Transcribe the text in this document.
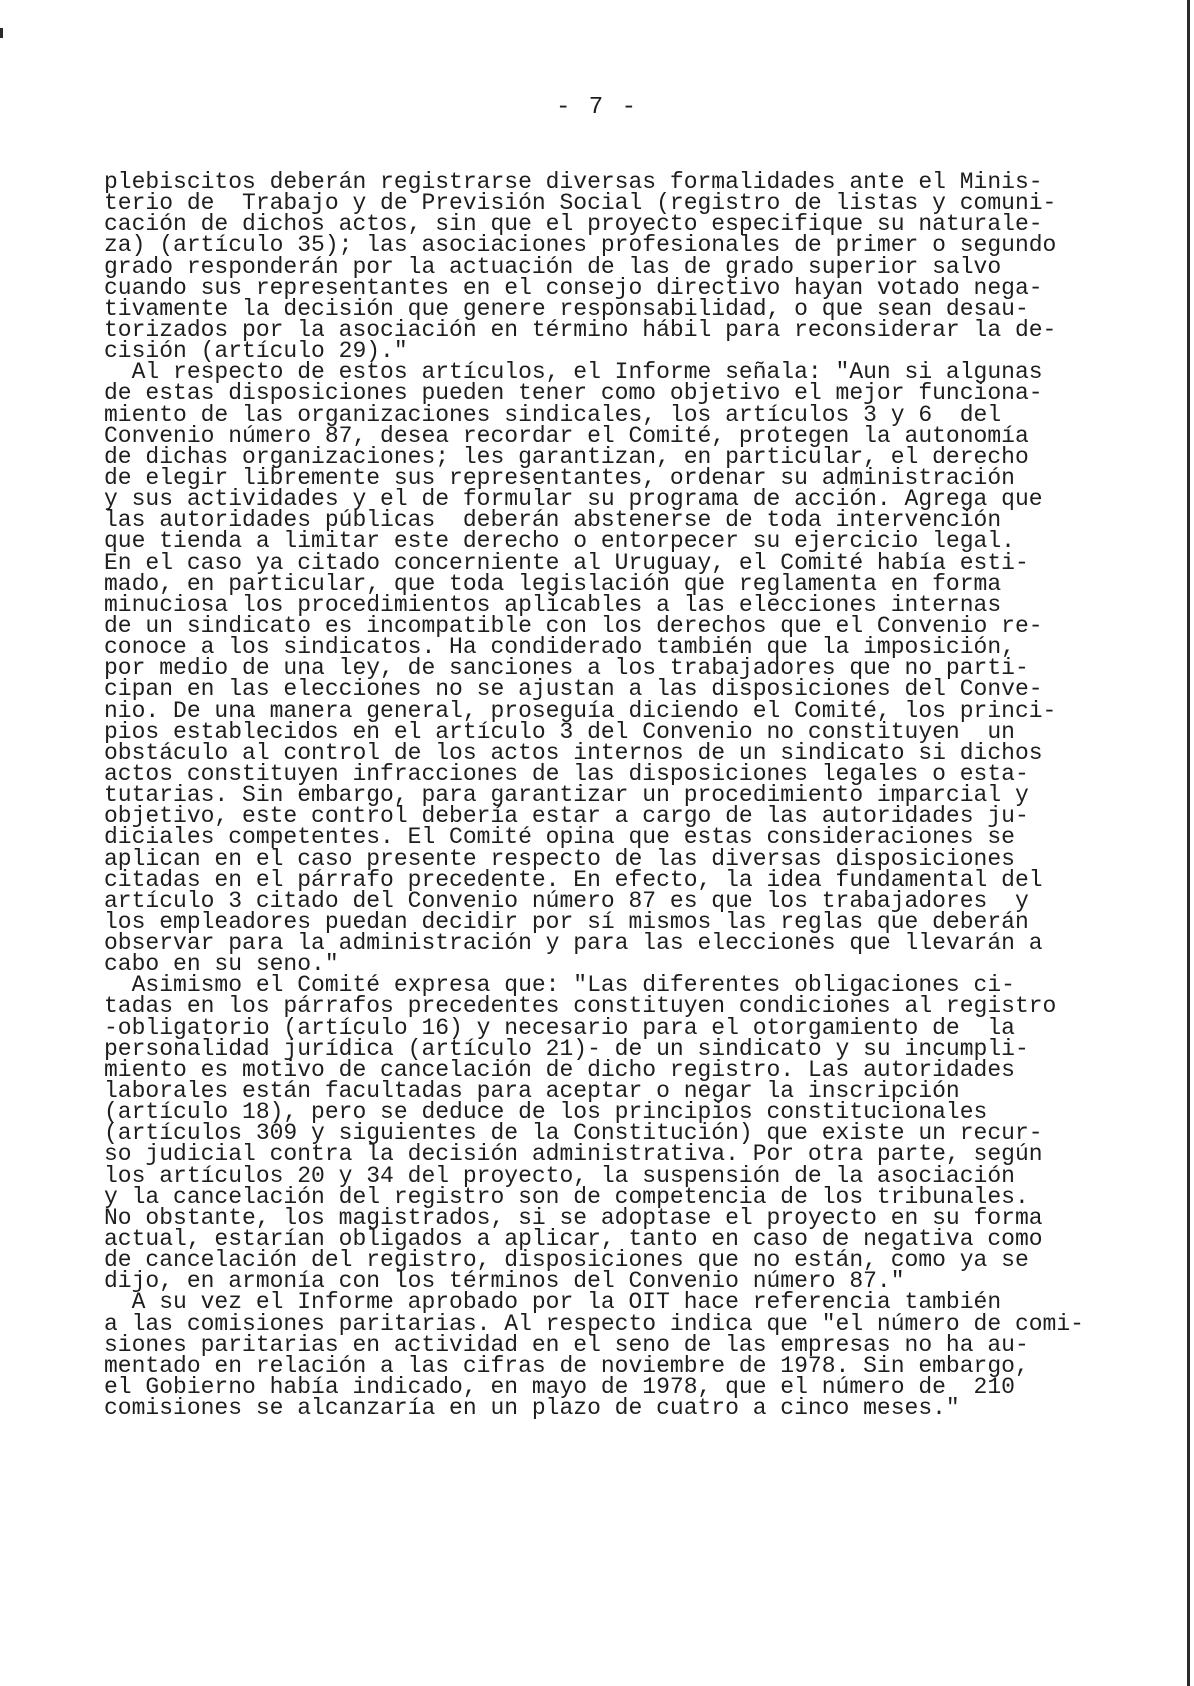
- 7 -
plebiscitos deberán registrarse diversas formalidades ante el Minis-
terio de  Trabajo y de Previsión Social (registro de listas y comuni-
cación de dichos actos, sin que el proyecto especifique su naturale-
za) (artículo 35); las asociaciones profesionales de primer o segundo
grado responderán por la actuación de las de grado superior salvo
cuando sus representantes en el consejo directivo hayan votado nega-
tivamente la decisión que genere responsabilidad, o que sean desau-
torizados por la asociación en término hábil para reconsiderar la de-
cisión (artículo 29)."
Al respecto de estos artículos, el Informe señala: "Aun si algunas
de estas disposiciones pueden tener como objetivo el mejor funciona-
miento de las organizaciones sindicales, los artículos 3 y 6  del
Convenio número 87, desea recordar el Comité, protegen la autonomía
de dichas organizaciones; les garantizan, en particular, el derecho
de elegir libremente sus representantes, ordenar su administración
y sus actividades y el de formular su programa de acción. Agrega que
las autoridades públicas  deberán abstenerse de toda intervención
que tienda a limitar este derecho o entorpecer su ejercicio legal.
En el caso ya citado concerniente al Uruguay, el Comité había esti-
mado, en particular, que toda legislación que reglamenta en forma
minuciosa los procedimientos aplicables a las elecciones internas
de un sindicato es incompatible con los derechos que el Convenio re-
conoce a los sindicatos. Ha condiderado también que la imposición,
por medio de una ley, de sanciones a los trabajadores que no parti-
cipan en las elecciones no se ajustan a las disposiciones del Conve-
nio. De una manera general, proseguía diciendo el Comité, los princi-
pios establecidos en el artículo 3 del Convenio no constituyen  un
obstáculo al control de los actos internos de un sindicato si dichos
actos constituyen infracciones de las disposiciones legales o esta-
tutarias. Sin embargo, para garantizar un procedimiento imparcial y
objetivo, este control debería estar a cargo de las autoridades ju-
diciales competentes. El Comité opina que estas consideraciones se
aplican en el caso presente respecto de las diversas disposiciones
citadas en el párrafo precedente. En efecto, la idea fundamental del
artículo 3 citado del Convenio número 87 es que los trabajadores  y
los empleadores puedan decidir por sí mismos las reglas que deberán
observar para la administración y para las elecciones que llevarán a
cabo en su seno."
Asimismo el Comité expresa que: "Las diferentes obligaciones ci-
tadas en los párrafos precedentes constituyen condiciones al registro
-obligatorio (artículo 16) y necesario para el otorgamiento de  la
personalidad jurídica (artículo 21)- de un sindicato y su incumpli-
miento es motivo de cancelación de dicho registro. Las autoridades
laborales están facultadas para aceptar o negar la inscripción
(artículo 18), pero se deduce de los principios constitucionales
(artículos 309 y siguientes de la Constitución) que existe un recur-
so judicial contra la decisión administrativa. Por otra parte, según
los artículos 20 y 34 del proyecto, la suspensión de la asociación
y la cancelación del registro son de competencia de los tribunales.
No obstante, los magistrados, si se adoptase el proyecto en su forma
actual, estarían obligados a aplicar, tanto en caso de negativa como
de cancelación del registro, disposiciones que no están, como ya se
dijo, en armonía con los términos del Convenio número 87."
A su vez el Informe aprobado por la OIT hace referencia también
a las comisiones paritarias. Al respecto indica que "el número de comi-
siones paritarias en actividad en el seno de las empresas no ha au-
mentado en relación a las cifras de noviembre de 1978. Sin embargo,
el Gobierno había indicado, en mayo de 1978, que el número de  210
comisiones se alcanzaría en un plazo de cuatro a cinco meses."
